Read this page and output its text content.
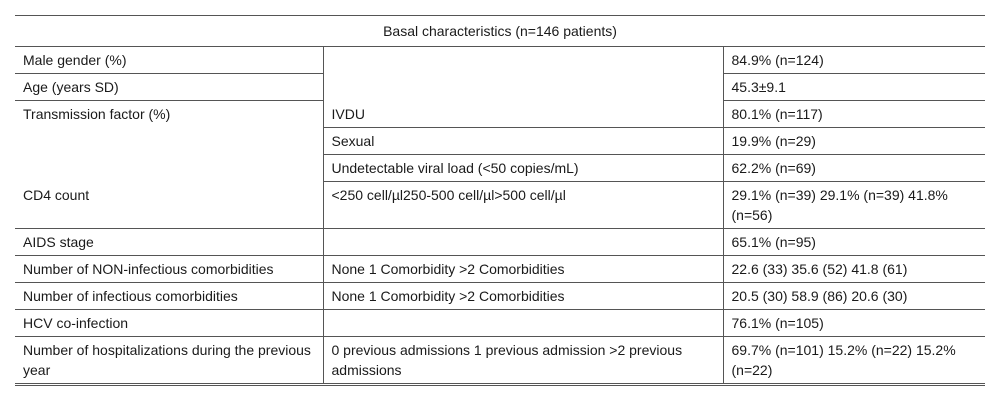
Basal characteristics (n=146 patients)		
Male gender (%)		84.9% (n=124)
Age (years SD)		45.3±9.1
Transmission factor (%)	IVDU	80.1% (n=117)
	Sexual	19.9% (n=29)
	Undetectable viral load (<50 copies/mL)	62.2% (n=69)
CD4 count	<250 cell/µl250-500 cell/µl>500 cell/µl	29.1% (n=39) 29.1% (n=39) 41.8% (n=56)
AIDS stage		65.1% (n=95)
Number of NON-infectious comorbidities	None 1 Comorbidity >2 Comorbidities	22.6 (33) 35.6 (52) 41.8 (61)
Number of infectious comorbidities	None 1 Comorbidity >2 Comorbidities	20.5 (30) 58.9 (86) 20.6 (30)
HCV co-infection		76.1% (n=105)
Number of hospitalizations during the previous year	0 previous admissions 1 previous admission >2 previous admissions	69.7% (n=101) 15.2% (n=22) 15.2% (n=22)
